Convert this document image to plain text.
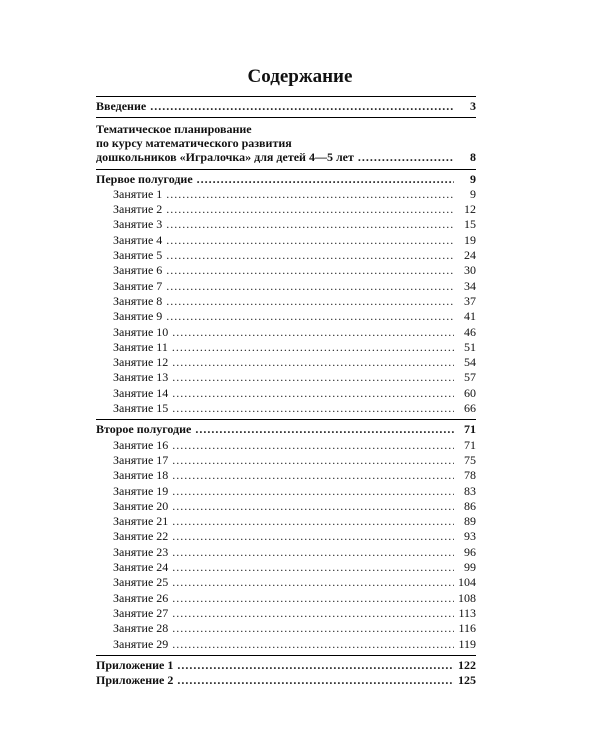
Содержание
Введение . . .	3
Тематическое планирование
по курсу математического развития
дошкольников «Игралочка» для детей 4—5 лет . . .	8
Первое полугодие . . .	9
Занятие 1 . . .	9
Занятие 2 . . .	12
Занятие 3 . . .	15
Занятие 4 . . .	19
Занятие 5 . . .	24
Занятие 6 . . .	30
Занятие 7 . . .	34
Занятие 8 . . .	37
Занятие 9 . . .	41
Занятие 10 . . .	46
Занятие 11 . . .	51
Занятие 12 . . .	54
Занятие 13 . . .	57
Занятие 14 . . .	60
Занятие 15 . . .	66
Второе полугодие . . .	71
Занятие 16 . . .	71
Занятие 17 . . .	75
Занятие 18 . . .	78
Занятие 19 . . .	83
Занятие 20 . . .	86
Занятие 21 . . .	89
Занятие 22 . . .	93
Занятие 23 . . .	96
Занятие 24 . . .	99
Занятие 25 . . .	104
Занятие 26 . . .	108
Занятие 27 . . .	113
Занятие 28 . . .	116
Занятие 29 . . .	119
Приложение 1 . . .	122
Приложение 2 . . .	125
